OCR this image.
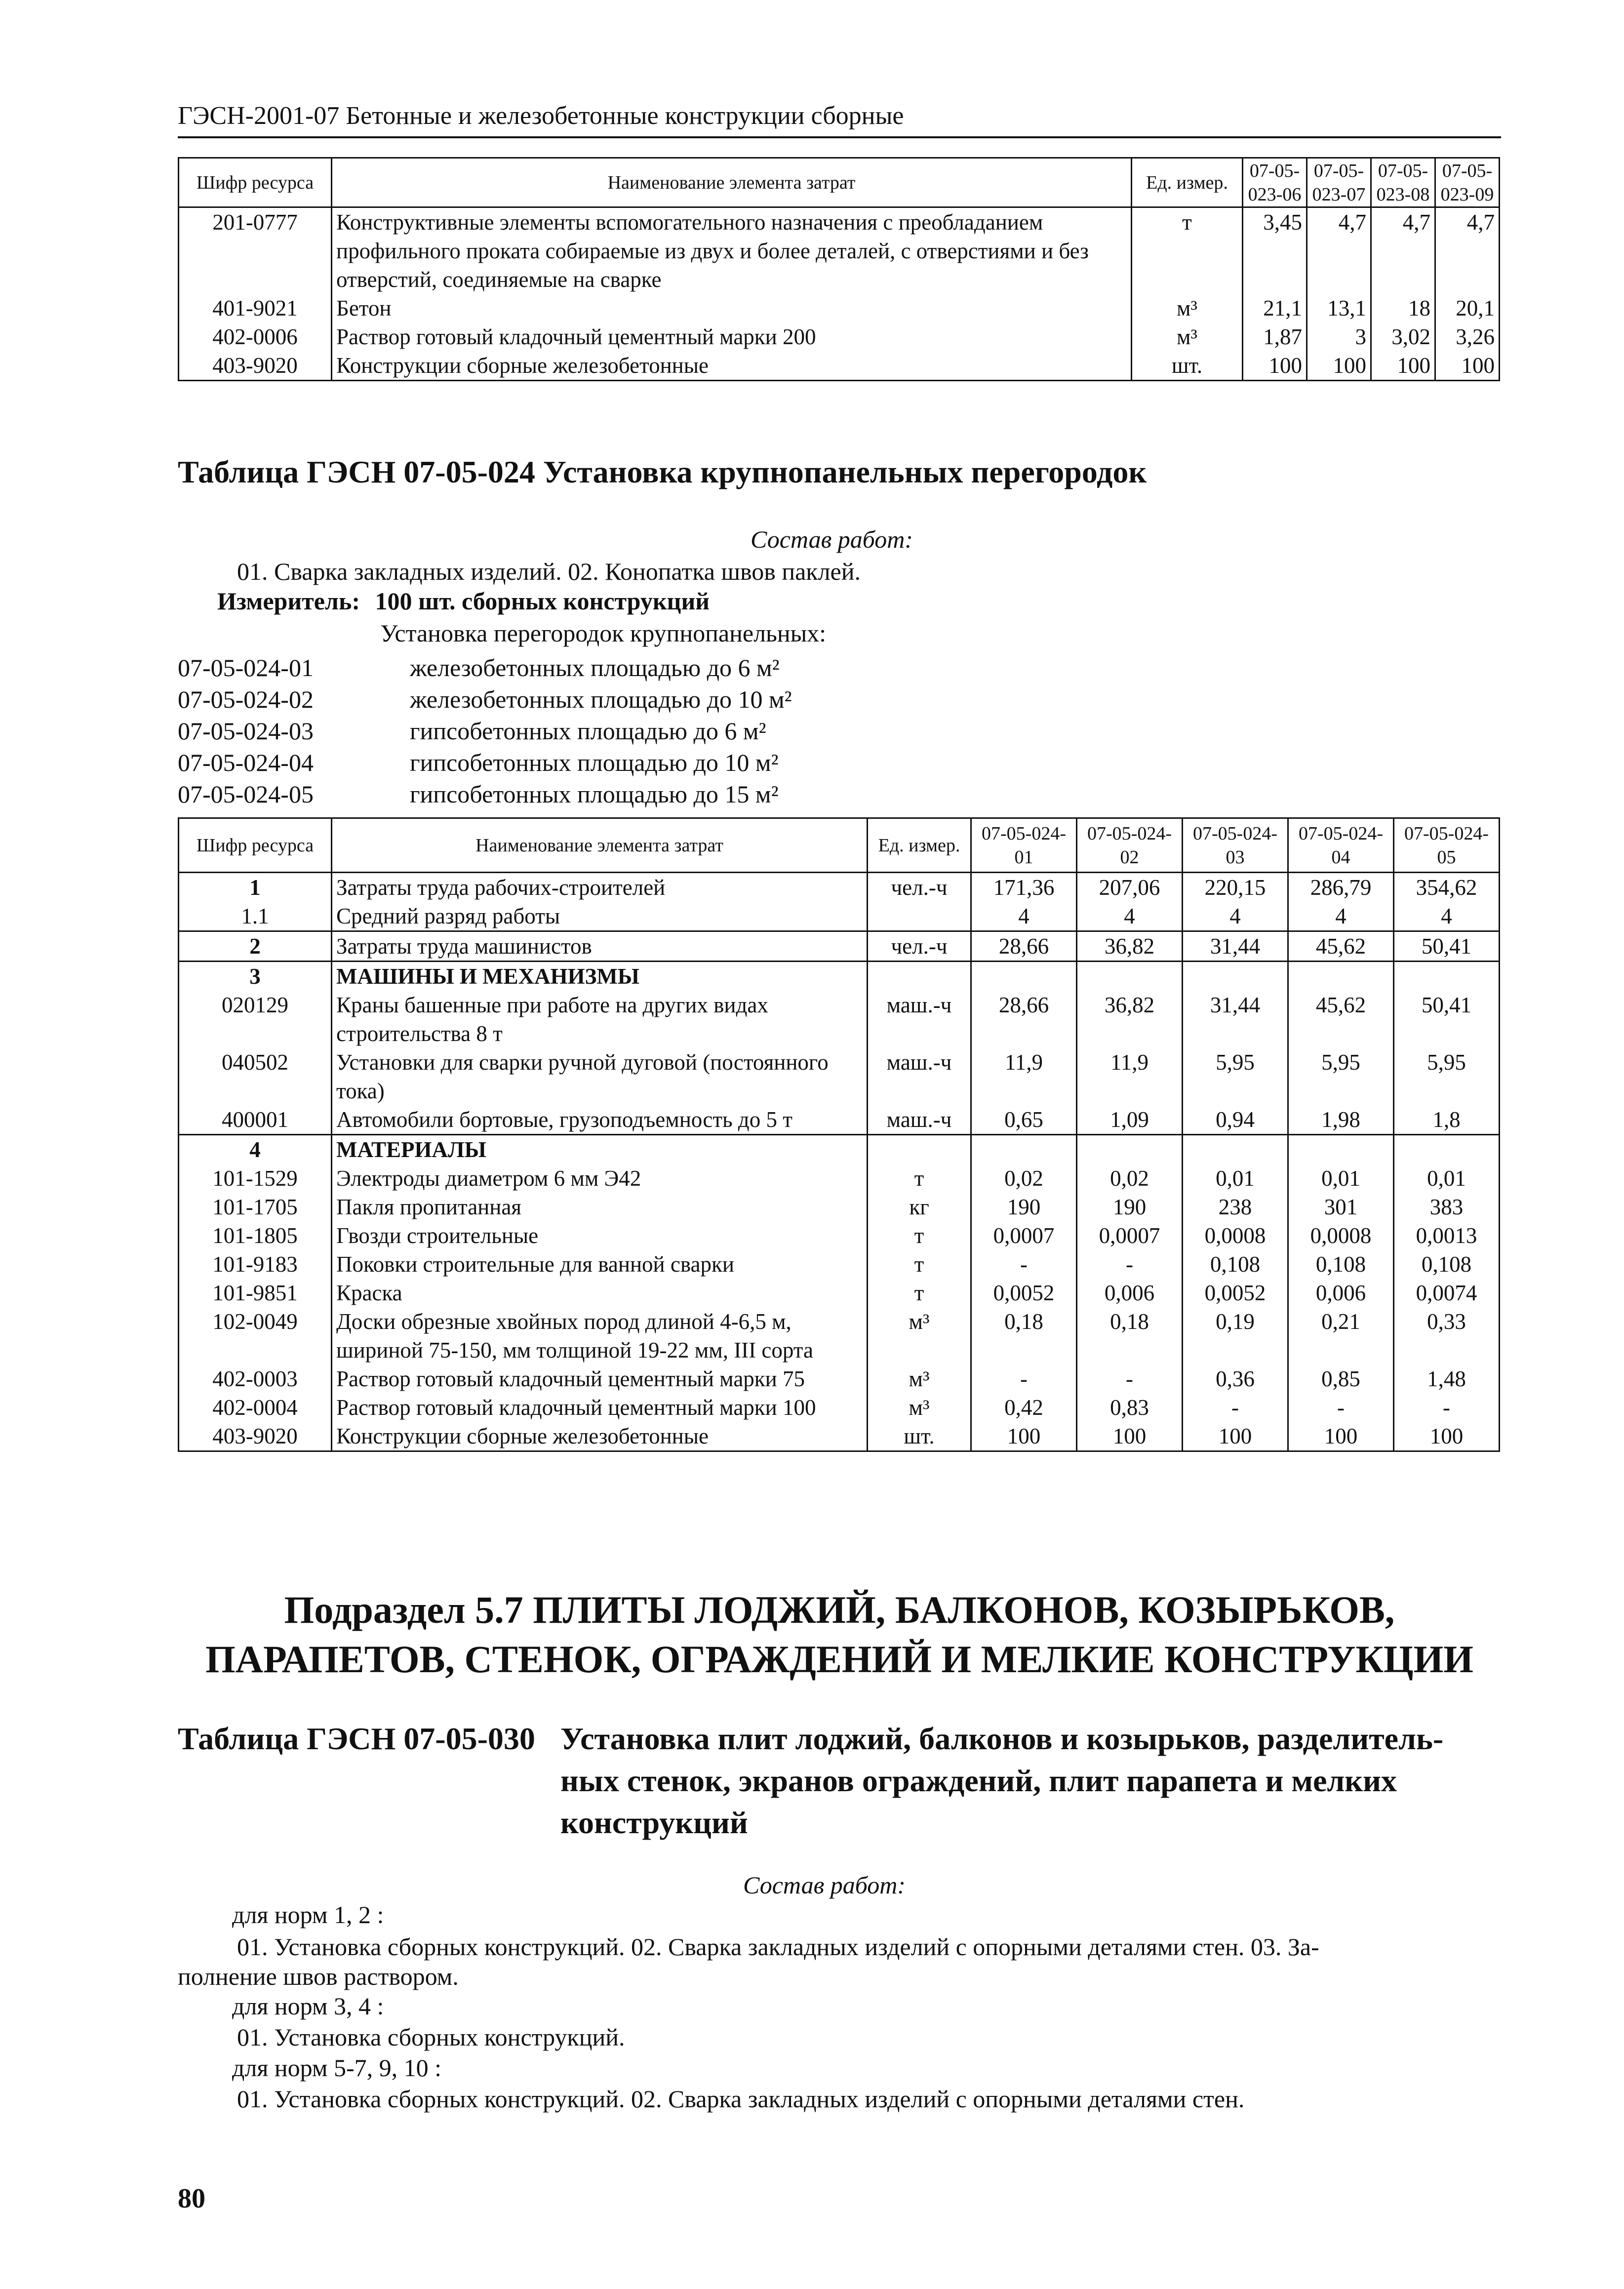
ГЭСН-2001-07 Бетонные и железобетонные конструкции сборные
Шифр ресурса	Наименование элемента затрат	Ед. измер.	07-05-023-06	07-05-023-07	07-05-023-08	07-05-023-09
201-0777	Конструктивные элементы вспомогательного назначения с преобладанием профильного проката собираемые из двух и более деталей, с отверстиями и без отверстий, соединяемые на сварке	т	3,45	4,7	4,7	4,7
401-9021	Бетон	м³	21,1	13,1	18	20,1
402-0006	Раствор готовый кладочный цементный марки 200	м³	1,87	3	3,02	3,26
403-9020	Конструкции сборные железобетонные	шт.	100	100	100	100
Таблица ГЭСН 07-05-024 Установка крупнопанельных перегородок
Состав работ:
01. Сварка закладных изделий. 02. Конопатка швов паклей.
Измеритель: 100 шт. сборных конструкций
Установка перегородок крупнопанельных:
07-05-024-01	железобетонных площадью до 6 м²
07-05-024-02	железобетонных площадью до 10 м²
07-05-024-03	гипсобетонных площадью до 6 м²
07-05-024-04	гипсобетонных площадью до 10 м²
07-05-024-05	гипсобетонных площадью до 15 м²
Шифр ресурса	Наименование элемента затрат	Ед. измер.	07-05-024-01	07-05-024-02	07-05-024-03	07-05-024-04	07-05-024-05
1	Затраты труда рабочих-строителей	чел.-ч	171,36	207,06	220,15	286,79	354,62
1.1	Средний разряд работы		4	4	4	4	4
2	Затраты труда машинистов	чел.-ч	28,66	36,82	31,44	45,62	50,41
3	МАШИНЫ И МЕХАНИЗМЫ						
020129	Краны башенные при работе на других видах строительства 8 т	маш.-ч	28,66	36,82	31,44	45,62	50,41
040502	Установки для сварки ручной дуговой (постоянного тока)	маш.-ч	11,9	11,9	5,95	5,95	5,95
400001	Автомобили бортовые, грузоподъемность до 5 т	маш.-ч	0,65	1,09	0,94	1,98	1,8
4	МАТЕРИАЛЫ						
101-1529	Электроды диаметром 6 мм Э42	т	0,02	0,02	0,01	0,01	0,01
101-1705	Пакля пропитанная	кг	190	190	238	301	383
101-1805	Гвозди строительные	т	0,0007	0,0007	0,0008	0,0008	0,0013
101-9183	Поковки строительные для ванной сварки	т	-	-	0,108	0,108	0,108
101-9851	Краска	т	0,0052	0,006	0,0052	0,006	0,0074
102-0049	Доски обрезные хвойных пород длиной 4-6,5 м, шириной 75-150, мм толщиной 19-22 мм, III сорта	м³	0,18	0,18	0,19	0,21	0,33
402-0003	Раствор готовый кладочный цементный марки 75	м³	-	-	0,36	0,85	1,48
402-0004	Раствор готовый кладочный цементный марки 100	м³	0,42	0,83	-	-	-
403-9020	Конструкции сборные железобетонные	шт.	100	100	100	100	100
Подраздел 5.7 ПЛИТЫ ЛОДЖИЙ, БАЛКОНОВ, КОЗЫРЬКОВ,
ПАРАПЕТОВ, СТЕНОК, ОГРАЖДЕНИЙ И МЕЛКИЕ КОНСТРУКЦИИ
Таблица ГЭСН 07-05-030 Установка плит лоджий, балконов и козырьков, разделитель-
ных стенок, экранов ограждений, плит парапета и мелких
конструкций
Состав работ:
для норм 1, 2 :
01. Установка сборных конструкций. 02. Сварка закладных изделий с опорными деталями стен. 03. За-
полнение швов раствором.
для норм 3, 4 :
01. Установка сборных конструкций.
для норм 5-7, 9, 10 :
01. Установка сборных конструкций. 02. Сварка закладных изделий с опорными деталями стен.
80
